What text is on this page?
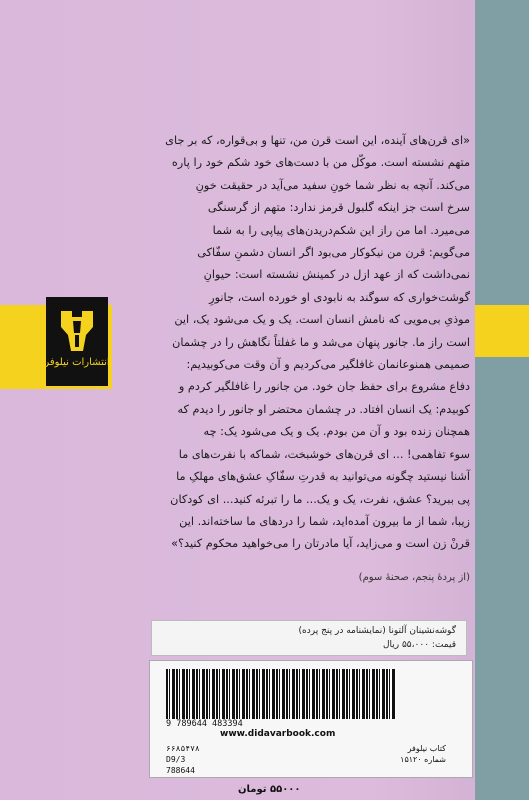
انتشارات نیلوفر
«ای قرن‌های آینده، این است قرن من، تنها و بی‌قواره، که بر جای
متهم نشسته است. موکّل من با دست‌های خود شکم خود را پاره
می‌کند. آنچه به نظر شما خونِ سفید می‌آید در حقیقت خونِ
سرخ است جز اینکه گلبول قرمز ندارد: متهم از گرسنگی
می‌میرد. اما من راز این شکم‌دریدن‌های پیاپی را به شما
می‌گویم: قرن من نیکوکار می‌بود اگر انسان دشمنِ سفّاکی
نمی‌داشت که از عهد ازل در کمینش نشسته است: حیوانِ
گوشت‌خواری که سوگند به نابودی او خورده است، جانورِ
موذیِ بی‌مویی که نامش انسان است. یک و یک می‌شود یک، این
است راز ما. جانور پنهان می‌شد و ما غفلتاً نگاهش را در چشمان
صمیمی همنوعانمان غافلگیر می‌کردیم و آن وقت می‌کوبیدیم:
دفاع مشروع برای حفظ جان خود. من جانور را غافلگیر کردم و
کوبیدم: یک انسان افتاد. در چشمان محتضر او جانور را دیدم که
همچنان زنده بود و آن من بودم. یک و یک می‌شود یک: چه
سوء تفاهمی! ... ای قرن‌های خوشبخت، شماکه با نفرت‌های ما
آشنا نیستید چگونه می‌توانید به قدرتِ سفّاکِ عشق‌های مهلکِ ما
پی ببرید؟ عشق، نفرت، یک و یک... ما را تبرئه کنید... ای کودکان
زیبا، شما از ما بیرون آمده‌اید، شما را دردهای ما ساخته‌اند. این
قرنْ زن است و می‌زاید، آیا مادرتان را می‌خواهید محکوم کنید؟»
(از پردهٔ پنجم، صحنهٔ سوم)
گوشه‌نشینان آلتونا (نمایشنامه در پنج پرده)
قیمت: ۵۵،۰۰۰ ریال
9 789644 483394
www.didavarbook.com
۶۶۸۵۴۷۸
D9/3
788644
کتاب نیلوفر
شماره ۱۵۱۲۰
۵۵۰۰۰ تومان
